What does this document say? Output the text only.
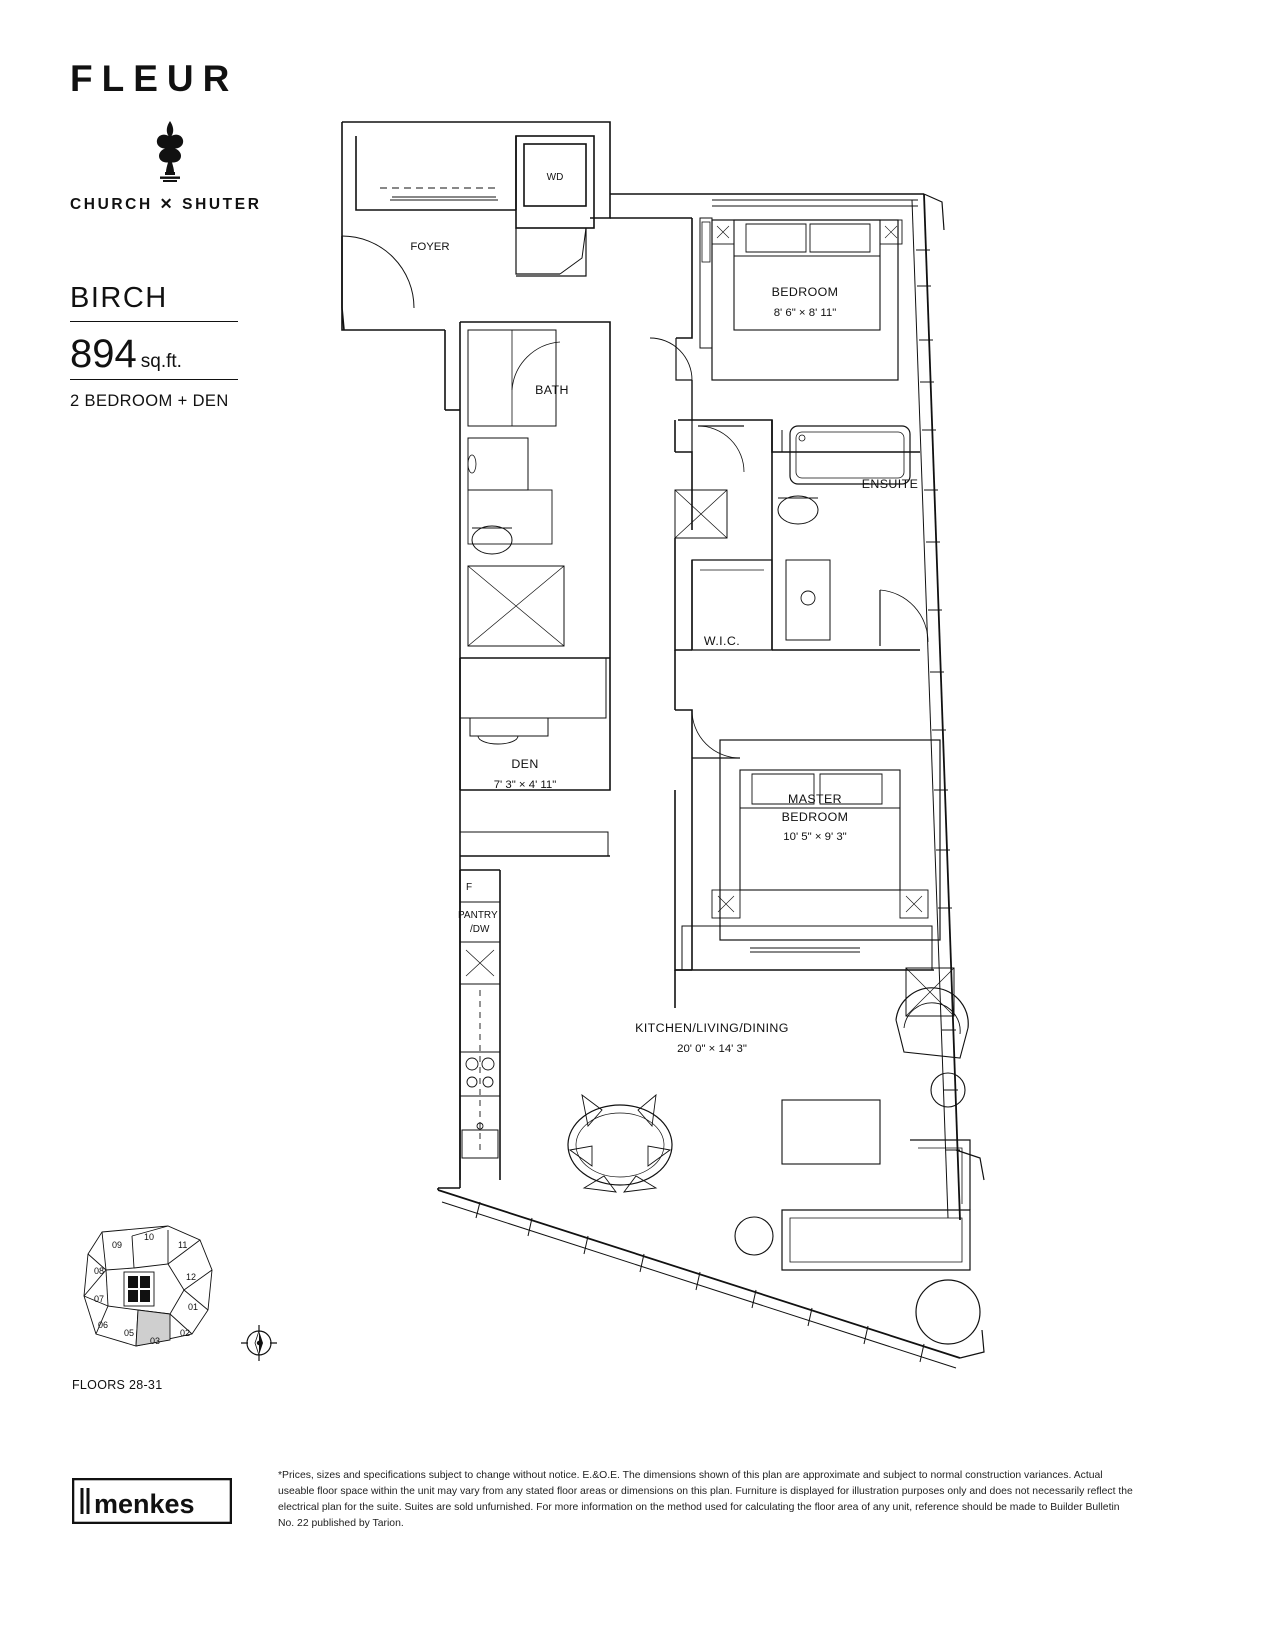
FLEUR
CHURCH ✕ SHUTER
BIRCH
894 sq.ft.
2 BEDROOM + DEN
FOYER
WD
BEDROOM
8' 6" × 8' 11"
BATH
ENSUITE
W.I.C.
DEN
7' 3" × 4' 11"
MASTER
BEDROOM
10' 5" × 9' 3"
KITCHEN/LIVING/DINING
20' 0" × 14' 3"
F
PANTRY
/DW
09
10
11
08
12
07
06
01
05
03
02
FLOORS 28-31
menkes
*Prices, sizes and specifications subject to change without notice. E.&O.E. The dimensions shown of this plan are approximate and subject to normal construction variances. Actual useable floor space within the unit may vary from any stated floor areas or dimensions on this plan. Furniture is displayed for illustration purposes only and does not necessarily reflect the electrical plan for the suite. Suites are sold unfurnished. For more information on the method used for calculating the floor area of any unit, reference should be made to Builder Bulletin No. 22 published by Tarion.
